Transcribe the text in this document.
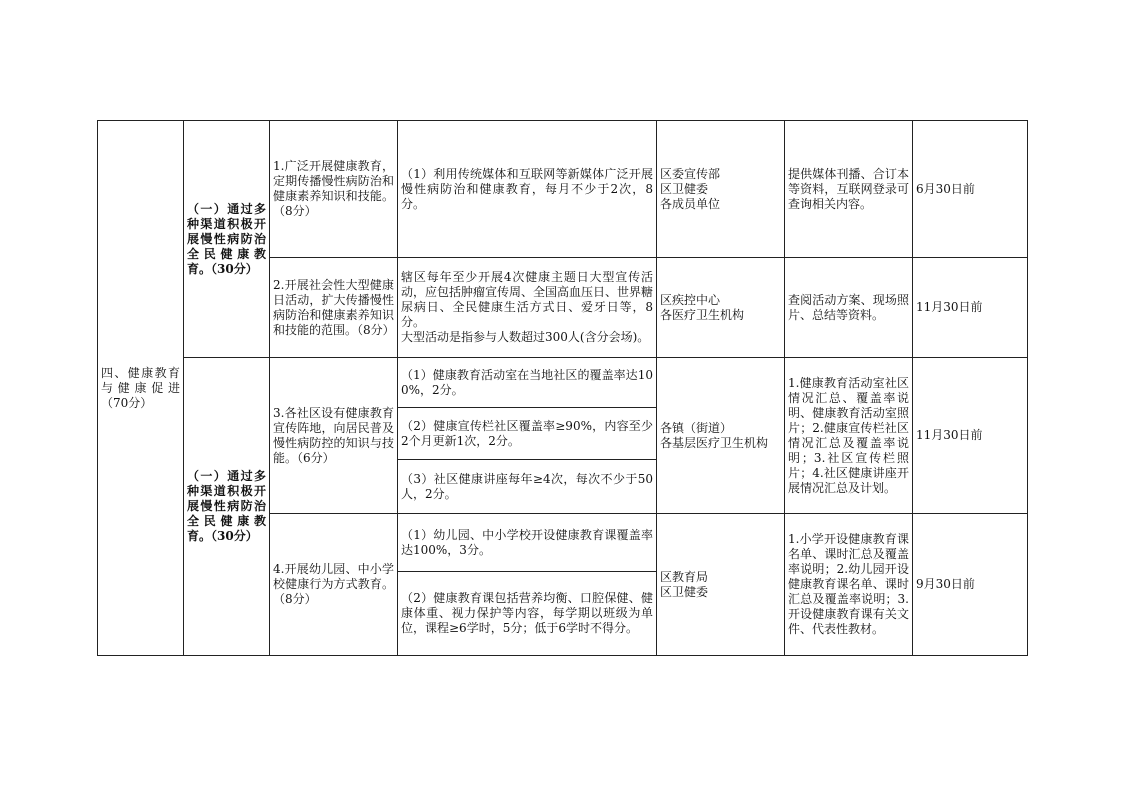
四、健康教育与健康促进（70分）	（一）通过多种渠道积极开展慢性病防治全民健康教育。（30分）	1.广泛开展健康教育，定期传播慢性病防治和健康素养知识和技能。（8分）	（1）利用传统媒体和互联网等新媒体广泛开展慢性病防治和健康教育，每月不少于2次，8分。	区委宣传部
区卫健委
各成员单位	提供媒体刊播、合订本等资料，互联网登录可查询相关内容。	6月30日前
		2.开展社会性大型健康日活动，扩大传播慢性病防治和健康素养知识和技能的范围。（8分）	辖区每年至少开展4次健康主题日大型宣传活动，应包括肿瘤宣传周、全国高血压日、世界糖尿病日、全民健康生活方式日、爱牙日等，8分。
大型活动是指参与人数超过300人(含分会场)。	区疾控中心
各医疗卫生机构	查阅活动方案、现场照片、总结等资料。	11月30日前
	（一）通过多种渠道积极开展慢性病防治全民健康教育。（30分）	3.各社区设有健康教育宣传阵地，向居民普及慢性病防控的知识与技能。（6分）	（1）健康教育活动室在当地社区的覆盖率达100%，2分。	各镇（街道）
各基层医疗卫生机构	1.健康教育活动室社区情况汇总、覆盖率说明、健康教育活动室照片；2.健康宣传栏社区情况汇总及覆盖率说明；3.社区宣传栏照片；4.社区健康讲座开展情况汇总及计划。	11月30日前
			（2）健康宣传栏社区覆盖率≥90%，内容至少2个月更新1次，2分。			
			（3）社区健康讲座每年≥4次，每次不少于50人，2分。			
		4.开展幼儿园、中小学校健康行为方式教育。（8分）	（1）幼儿园、中小学校开设健康教育课覆盖率达100%，3分。	区教育局
区卫健委	1.小学开设健康教育课名单、课时汇总及覆盖率说明；2.幼儿园开设健康教育课名单、课时汇总及覆盖率说明；3.开设健康教育课有关文件、代表性教材。	9月30日前
			（2）健康教育课包括营养均衡、口腔保健、健康体重、视力保护等内容，每学期以班级为单位，课程≥6学时，5分；低于6学时不得分。			
